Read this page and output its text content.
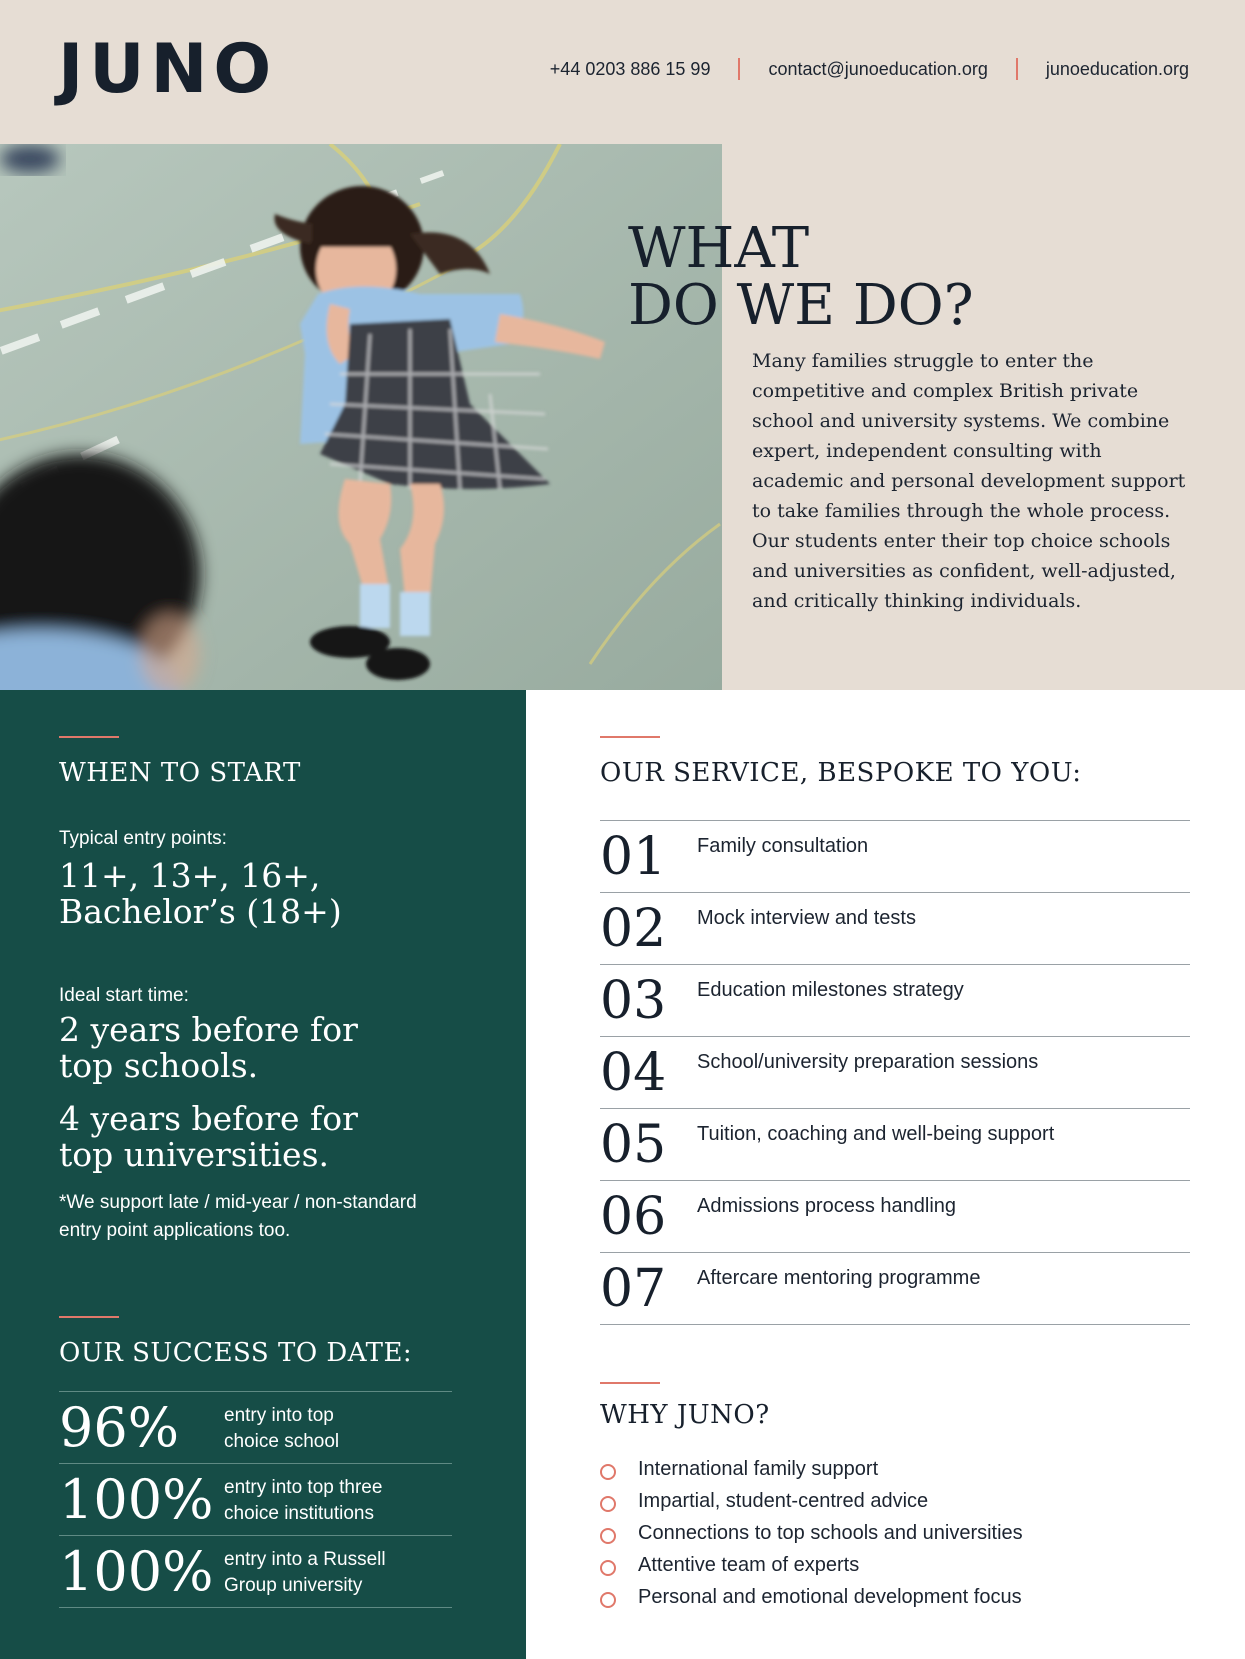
JUNO	+44 0203 886 15 99	contact@junoeducation.org	junoeducation.org
WHAT
DO WE DO?
Many families struggle to enter the competitive and complex British private school and university systems. We combine expert, independent consulting with academic and personal development support to take families through the whole process. Our students enter their top choice schools and universities as confident, well-adjusted, and critically thinking individuals.
WHEN TO START
Typical entry points:
11+, 13+, 16+,
Bachelor’s (18+)
Ideal start time:
2 years before for
top schools.
4 years before for
top universities.
*We support late / mid-year / non-standard entry point applications too.
OUR SUCCESS TO DATE:
96% entry into top
choice school
100% entry into top three
choice institutions
100% entry into a Russell
Group university
OUR SERVICE, BESPOKE TO YOU:
01 Family consultation
02 Mock interview and tests
03 Education milestones strategy
04 School/university preparation sessions
05 Tuition, coaching and well-being support
06 Admissions process handling
07 Aftercare mentoring programme
WHY JUNO?
International family support
Impartial, student-centred advice
Connections to top schools and universities
Attentive team of experts
Personal and emotional development focus
